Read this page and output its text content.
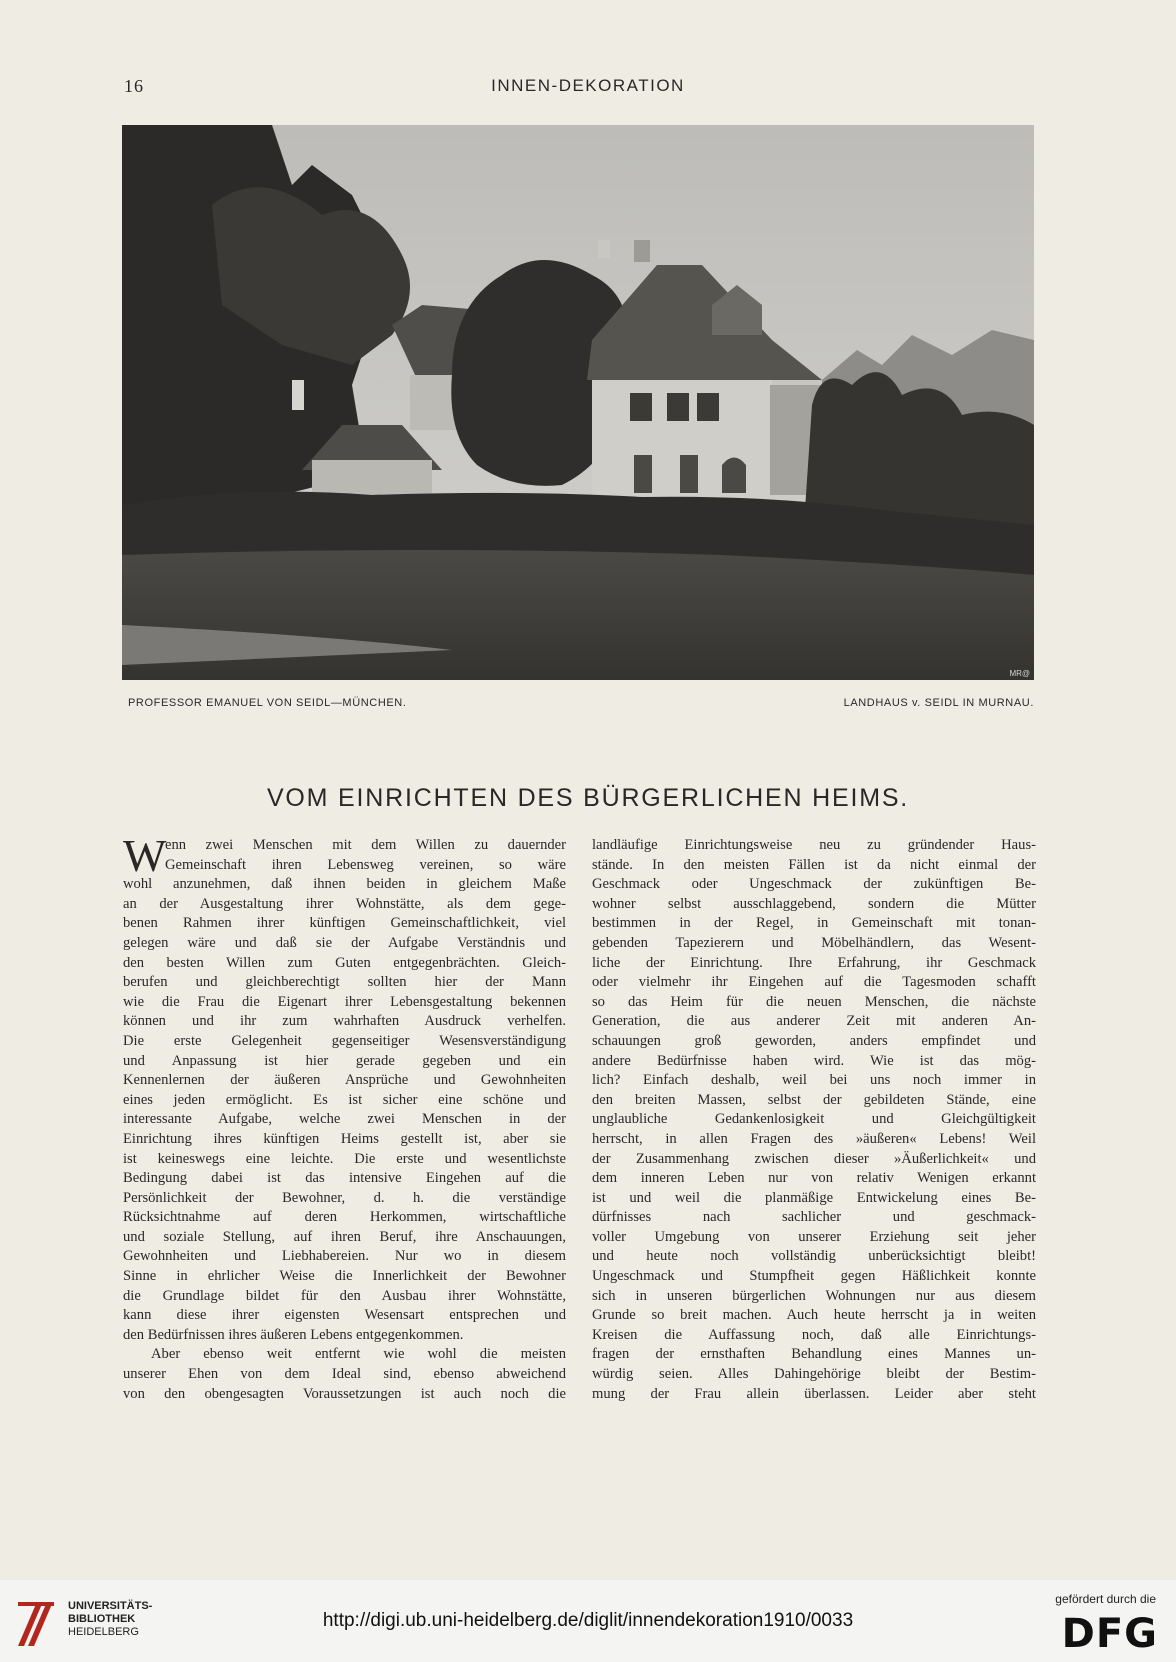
16	INNEN-DEKORATION
MR@
PROFESSOR EMANUEL VON SEIDL—MÜNCHEN.	LANDHAUS v. SEIDL IN MURNAU.
VOM EINRICHTEN DES BÜRGERLICHEN HEIMS.
W
enn zwei Menschen mit dem Willen zu dauernder
Gemeinschaft ihren Lebensweg vereinen, so wäre
wohl anzunehmen, daß ihnen beiden in gleichem Maße
an der Ausgestaltung ihrer Wohnstätte, als dem gege-
benen Rahmen ihrer künftigen Gemeinschaftlichkeit, viel
gelegen wäre und daß sie der Aufgabe Verständnis und
den besten Willen zum Guten entgegenbrächten. Gleich-
berufen und gleichberechtigt sollten hier der Mann
wie die Frau die Eigenart ihrer Lebensgestaltung bekennen
können und ihr zum wahrhaften Ausdruck verhelfen.
Die erste Gelegenheit gegenseitiger Wesensverständigung
und Anpassung ist hier gerade gegeben und ein
Kennenlernen der äußeren Ansprüche und Gewohnheiten
eines jeden ermöglicht. Es ist sicher eine schöne und
interessante Aufgabe, welche zwei Menschen in der
Einrichtung ihres künftigen Heims gestellt ist, aber sie
ist keineswegs eine leichte. Die erste und wesentlichste
Bedingung dabei ist das intensive Eingehen auf die
Persönlichkeit der Bewohner, d. h. die verständige
Rücksichtnahme auf deren Herkommen, wirtschaftliche
und soziale Stellung, auf ihren Beruf, ihre Anschauungen,
Gewohnheiten und Liebhabereien. Nur wo in diesem
Sinne in ehrlicher Weise die Innerlichkeit der Bewohner
die Grundlage bildet für den Ausbau ihrer Wohnstätte,
kann diese ihrer eigensten Wesensart entsprechen und
den Bedürfnissen ihres äußeren Lebens entgegenkommen.
Aber ebenso weit entfernt wie wohl die meisten
unserer Ehen von dem Ideal sind, ebenso abweichend
von den obengesagten Voraussetzungen ist auch noch die
landläufige Einrichtungsweise neu zu gründender Haus-
stände. In den meisten Fällen ist da nicht einmal der
Geschmack oder Ungeschmack der zukünftigen Be-
wohner selbst ausschlaggebend, sondern die Mütter
bestimmen in der Regel, in Gemeinschaft mit tonan-
gebenden Tapezierern und Möbelhändlern, das Wesent-
liche der Einrichtung. Ihre Erfahrung, ihr Geschmack
oder vielmehr ihr Eingehen auf die Tagesmoden schafft
so das Heim für die neuen Menschen, die nächste
Generation, die aus anderer Zeit mit anderen An-
schauungen groß geworden, anders empfindet und
andere Bedürfnisse haben wird. Wie ist das mög-
lich? Einfach deshalb, weil bei uns noch immer in
den breiten Massen, selbst der gebildeten Stände, eine
unglaubliche Gedankenlosigkeit und Gleichgültigkeit
herrscht, in allen Fragen des »äußeren« Lebens! Weil
der Zusammenhang zwischen dieser »Äußerlichkeit« und
dem inneren Leben nur von relativ Wenigen erkannt
ist und weil die planmäßige Entwickelung eines Be-
dürfnisses nach sachlicher und geschmack-
voller Umgebung von unserer Erziehung seit jeher
und heute noch vollständig unberücksichtigt bleibt!
Ungeschmack und Stumpfheit gegen Häßlichkeit konnte
sich in unseren bürgerlichen Wohnungen nur aus diesem
Grunde so breit machen. Auch heute herrscht ja in weiten
Kreisen die Auffassung noch, daß alle Einrichtungs-
fragen der ernsthaften Behandlung eines Mannes un-
würdig seien. Alles Dahingehörige bleibt der Bestim-
mung der Frau allein überlassen. Leider aber steht
UNIVERSITÄTS-
BIBLIOTHEK
HEIDELBERG
http://digi.ub.uni-heidelberg.de/diglit/innendekoration1910/0033
gefördert durch die
DFG
